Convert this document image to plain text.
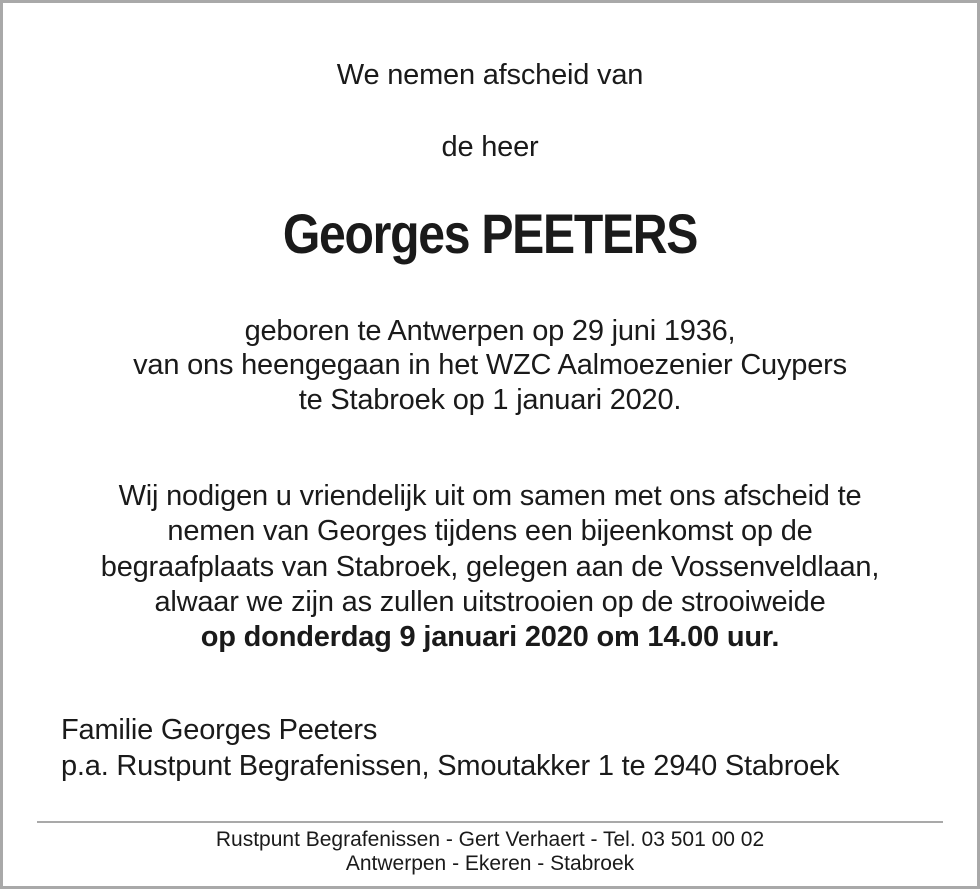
We nemen afscheid van
de heer
Georges PEETERS
geboren te Antwerpen op 29 juni 1936,
van ons heengegaan in het WZC Aalmoezenier Cuypers
te Stabroek op 1 januari 2020.
Wij nodigen u vriendelijk uit om samen met ons afscheid te
nemen van Georges tijdens een bijeenkomst op de
begraafplaats van Stabroek, gelegen aan de Vossenveldlaan,
alwaar we zijn as zullen uitstrooien op de strooiweide
op donderdag 9 januari 2020 om 14.00 uur.
Familie Georges Peeters
p.a. Rustpunt Begrafenissen, Smoutakker 1 te 2940 Stabroek
Rustpunt Begrafenissen - Gert Verhaert - Tel. 03 501 00 02
Antwerpen - Ekeren - Stabroek
